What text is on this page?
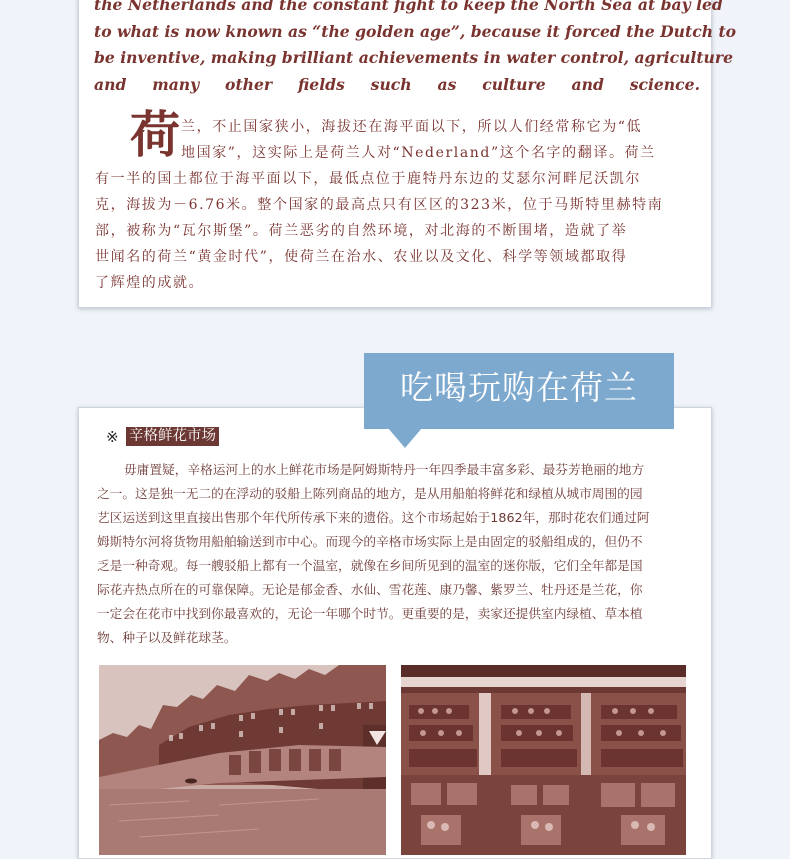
the Netherlands and the constant fight to keep the North Sea at bay led
to what is now known as “the golden age”, because it forced the Dutch to
be inventive, making brilliant achievements in water control, agriculture
and many other fields such as culture and science.

荷 兰，不止国家狭小，海拔还在海平面以下，所以人们经常称它为“低
地国家”，这实际上是荷兰人对“Nederland”这个名字的翻译。荷兰
有一半的国土都位于海平面以下，最低点位于鹿特丹东边的艾瑟尔河畔尼沃凯尔
克，海拔为－6.76米。整个国家的最高点只有区区的323米，位于马斯特里赫特南
部，被称为“瓦尔斯堡”。荷兰恶劣的自然环境，对北海的不断围堵，造就了举
世闻名的荷兰“黄金时代”，使荷兰在治水、农业以及文化、科学等领域都取得
了辉煌的成就。
吃喝玩购在荷兰
※ 辛格鲜花市场
毋庸置疑，辛格运河上的水上鲜花市场是阿姆斯特丹一年四季最丰富多彩、最芬芳艳丽的地方
之一。这是独一无二的在浮动的驳船上陈列商品的地方，是从用船舶将鲜花和绿植从城市周围的园
艺区运送到这里直接出售那个年代所传承下来的遗俗。这个市场起始于1862年，那时花农们通过阿
姆斯特尔河将货物用船舶输送到市中心。而现今的辛格市场实际上是由固定的驳船组成的，但仍不
乏是一种奇观。每一艘驳船上都有一个温室，就像在乡间所见到的温室的迷你版，它们全年都是国
际花卉热点所在的可靠保障。无论是郁金香、水仙、雪花莲、康乃馨、紫罗兰、牡丹还是兰花，你
一定会在花市中找到你最喜欢的，无论一年哪个时节。更重要的是，卖家还提供室内绿植、草本植
物、种子以及鲜花球茎。
